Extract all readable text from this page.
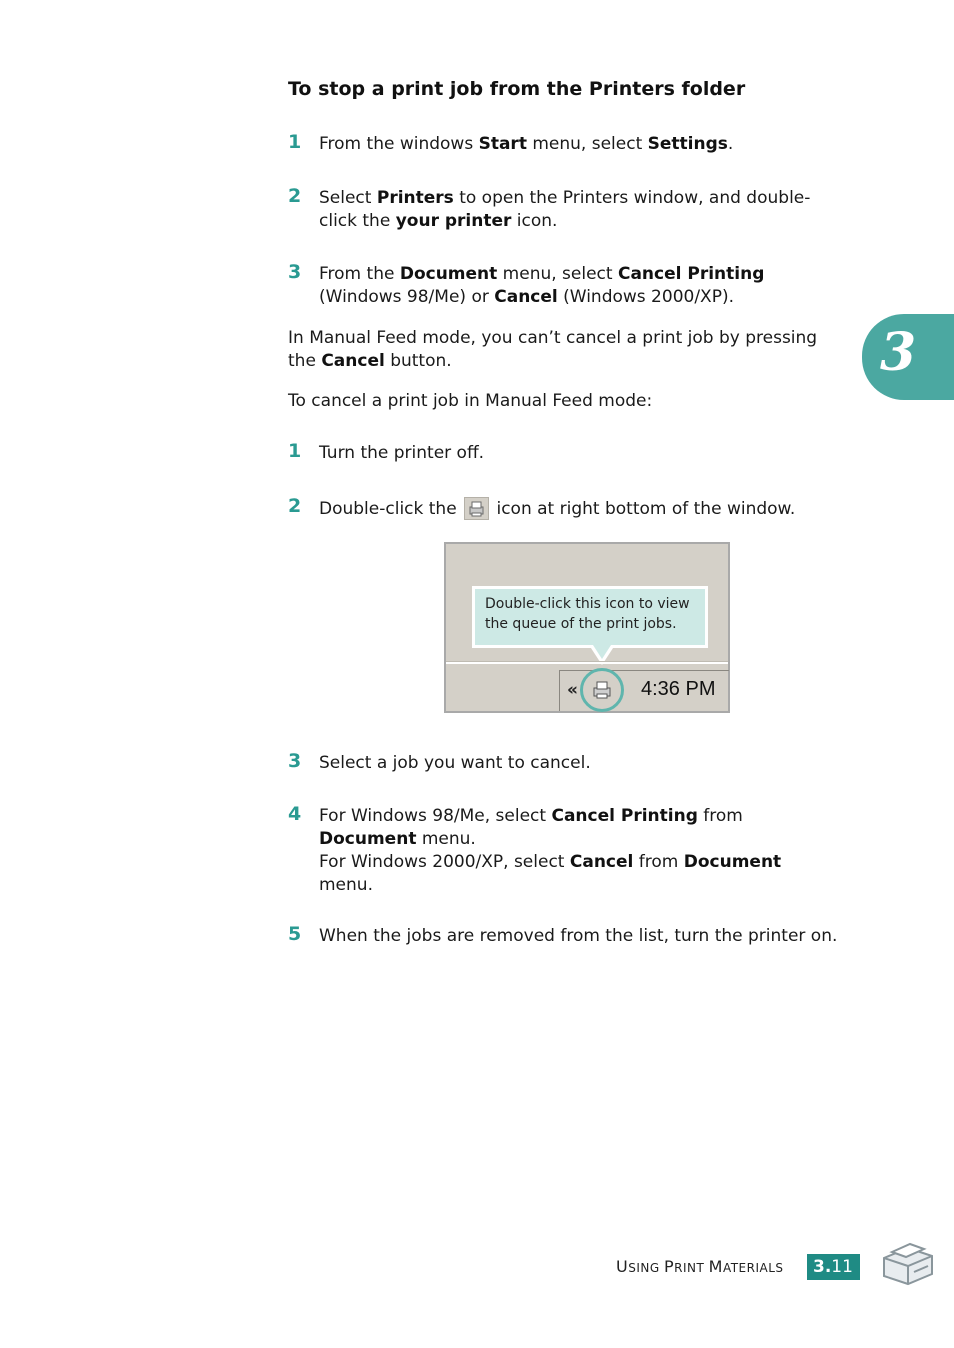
To stop a print job from the Printers folder
1 From the windows Start menu, select Settings.
2 Select Printers to open the Printers window, and double-click the your printer icon.
3 From the Document menu, select Cancel Printing (Windows 98/Me) or Cancel (Windows 2000/XP).
In Manual Feed mode, you can’t cancel a print job by pressing the Cancel button.
To cancel a print job in Manual Feed mode:
1 Turn the printer off.
2 Double-click the  icon at right bottom of the window.
Double-click this icon to view the queue of the print jobs.
«	4:36 PM
3 Select a job you want to cancel.
4 For Windows 98/Me, select Cancel Printing from Document menu.
For Windows 2000/XP, select Cancel from Document menu.
5 When the jobs are removed from the list, turn the printer on.
3
USING PRINT MATERIALS	3.11
